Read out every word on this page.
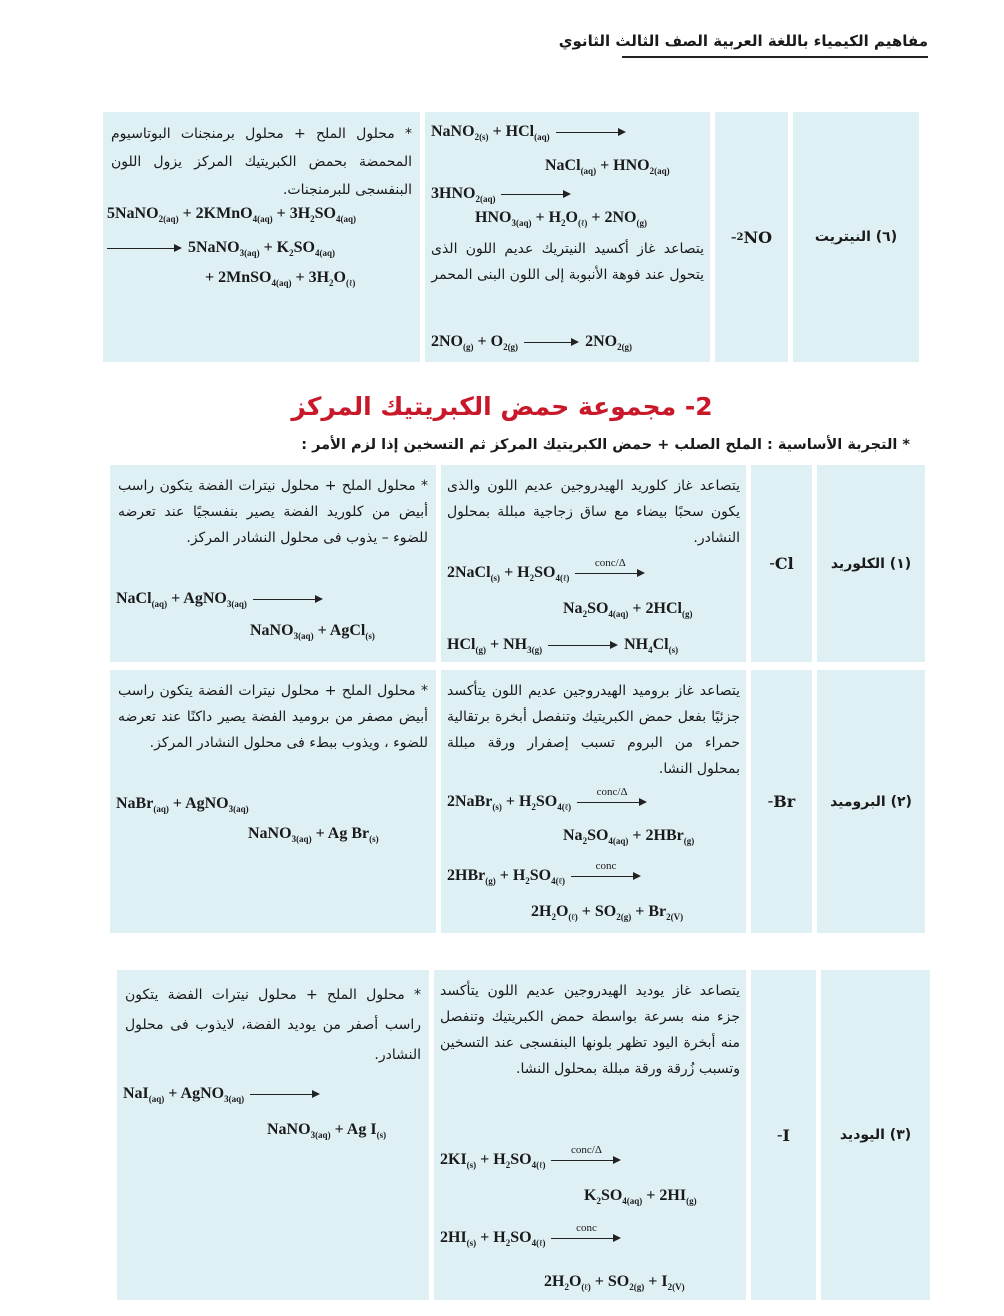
مفاهيم الكيمياء باللغة العربية الصف الثالث الثانوي
(٦) النيتريت
NO
2
–
NaNO$_{2(s)}$ + HCl$_{(aq)}$
NaCl$_{(aq)}$ + $HNO_{2(aq)}$
$3HNO_{2(aq)}$
$HNO_{3(aq)} + H_2O_{(\ell)} + 2NO_{(g)}$
يتصاعد غاز أكسيد النيتريك عديم اللون الذى يتحول عند فوهة الأنبوبة إلى اللون البنى المحمر
$2NO_{(g)} + O_{2(g)}$	$2NO_{2(g)}$
* محلول الملح + محلول برمنجنات البوتاسيوم المحمضة بحمض الكبريتيك المركز يزول اللون البنفسجى للبرمنجنات.
5NaNO$_{2(aq)}$ + 2KMnO$_{4(aq)}$ + $3H_2SO_{4(aq)}$
5NaNO$_{3(aq)}$ + $K_2SO_{4(aq)}$
+ 2MnSO$_{4(aq)}$ + $3H_2O_{(\ell)}$
2- مجموعة حمض الكبريتيك المركز
* التجربة الأساسية : الملح الصلب + حمض الكبريتيك المركز ثم التسخين إذا لزم الأمر :
(١) الكلوريد
Cl
–
يتصاعد غاز كلوريد الهيدروجين عديم اللون والذى يكون سحبًا بيضاء مع ساق زجاجية مبللة بمحلول النشادر.
2NaCl$_{(s)}$ + $H_2SO_{4(\ell)}$
conc/Δ
$Na_2SO_{4(aq)} + 2HCl_{(g)}$
$HCl_{(g)} + NH_{3(g)}$	$NH_4Cl_{(s)}$
* محلول الملح + محلول نيترات الفضة يتكون راسب أبيض من كلوريد الفضة يصير بنفسجيًا عند تعرضه للضوء – يذوب فى محلول النشادر المركز.
NaCl$_{(aq)}$ + AgNO$_{3(aq)}$
NaNO$_{3(aq)}$ + AgCl$_{(s)}$
(٢) البروميد
Br
–
يتصاعد غاز بروميد الهيدروجين عديم اللون يتأكسد جزئيًا بفعل حمض الكبريتيك وتنفصل أبخرة برتقالية حمراء من البروم تسبب إصفرار ورقة مبللة بمحلول النشا.
2NaBr$_{(s)}$ + $H_2SO_{4(\ell)}$
conc/Δ
$Na_2SO_{4(aq)} + 2HBr_{(g)}$
$2HBr_{(g)} + H_2SO_{4(\ell)}$
conc
$2H_2O_{(\ell)} + SO_{2(g)} + Br_{2(V)}$
* محلول الملح + محلول نيترات الفضة يتكون راسب أبيض مصفر من بروميد الفضة يصير داكنًا عند تعرضه للضوء ، ويذوب ببطء فى محلول النشادر المركز.
NaBr$_{(aq)}$ + AgNO$_{3(aq)}$
NaNO$_{3(aq)}$ + Ag $Br_{(s)}$
(٣) اليوديد
I
–
يتصاعد غاز يوديد الهيدروجين عديم اللون يتأكسد جزء منه بسرعة بواسطة حمض الكبريتيك وتنفصل منه أبخرة اليود تظهر بلونها البنفسجى عند التسخين وتسبب زُرقة ورقة مبللة بمحلول النشا.
$2KI_{(s)} + H_2SO_{4(\ell)}$
conc/Δ
$K_2SO_{4(aq)} + 2HI_{(g)}$
$2HI_{(s)} + H_2SO_{4(\ell)}$
conc
$2H_2O_{(\ell)} + SO_{2(g)} + I_{2(V)}$
* محلول الملح + محلول نيترات الفضة يتكون راسب أصفر من يوديد الفضة، لايذوب فى محلول النشادر.
NaI$_{(aq)}$ + AgNO$_{3(aq)}$
NaNO$_{3(aq)}$ + Ag $I_{(s)}$
